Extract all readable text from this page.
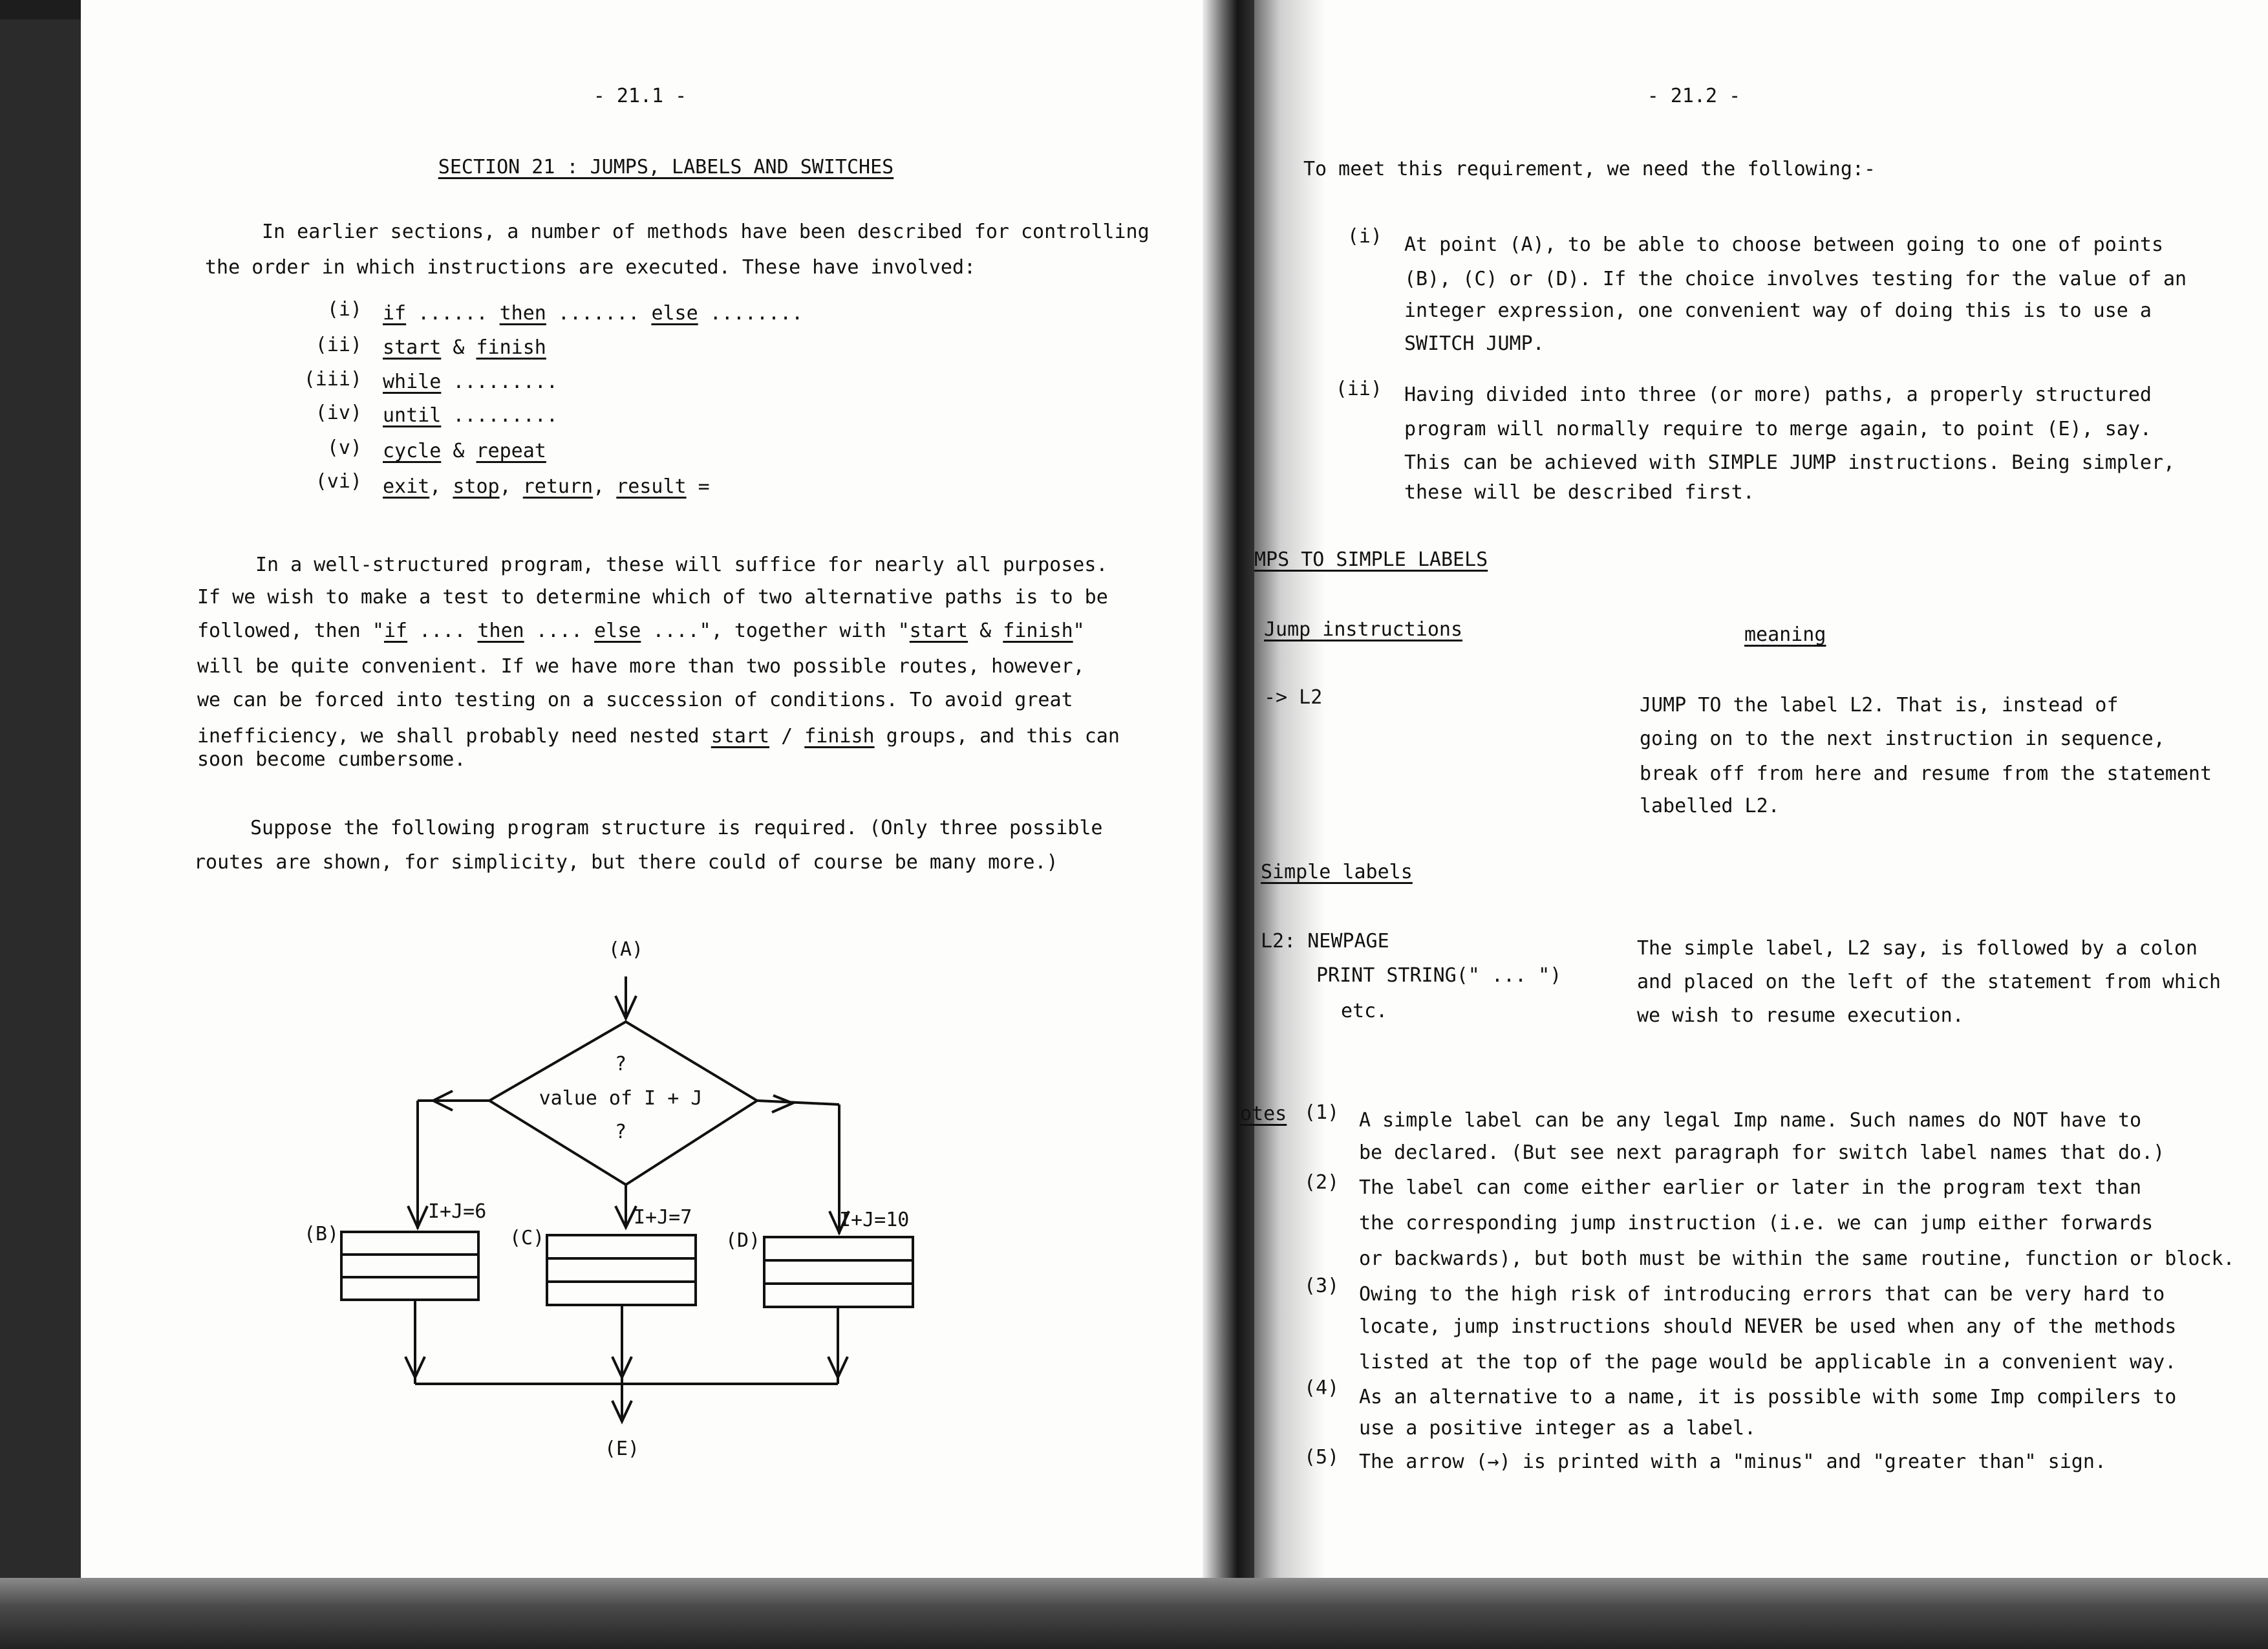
- 21.1 -
SECTION 21 : JUMPS, LABELS AND SWITCHES
In earlier sections, a number of methods have been described for controlling
the order in which instructions are executed. These have involved:
(i) if ...... then ....... else ........
(ii) start & finish
(iii) while .........
(iv) until .........
(v) cycle & repeat
(vi) exit, stop, return, result =
In a well-structured program, these will suffice for nearly all purposes.
If we wish to make a test to determine which of two alternative paths is to be
followed, then "if .... then .... else ....", together with "start & finish"
will be quite convenient. If we have more than two possible routes, however,
we can be forced into testing on a succession of conditions. To avoid great
inefficiency, we shall probably need nested start / finish groups, and this can
soon become cumbersome.
Suppose the following program structure is required. (Only three possible
routes are shown, for simplicity, but there could of course be many more.)
(A)
?
value of I + J
?
I+J=6	I+J=7	I+J=10
(B)	(C)	(D)
(E)
- 21.2 -
To meet this requirement, we need the following:-
(i) At point (A), to be able to choose between going to one of points
(B), (C) or (D). If the choice involves testing for the value of an
integer expression, one convenient way of doing this is to use a
SWITCH JUMP.
(ii) Having divided into three (or more) paths, a properly structured
program will normally require to merge again, to point (E), say.
This can be achieved with SIMPLE JUMP instructions. Being simpler,
these will be described first.
MPS TO SIMPLE LABELS
Jump instructions	meaning
-> L2	JUMP TO the label L2. That is, instead of
going on to the next instruction in sequence,
break off from here and resume from the statement
labelled L2.
Simple labels
L2: NEWPAGE
PRINT STRING(" ... ")
etc.
The simple label, L2 say, is followed by a colon
and placed on the left of the statement from which
we wish to resume execution.
otes (1) A simple label can be any legal Imp name. Such names do NOT have to
be declared. (But see next paragraph for switch label names that do.)
(2) The label can come either earlier or later in the program text than
the corresponding jump instruction (i.e. we can jump either forwards
or backwards), but both must be within the same routine, function or block.
(3) Owing to the high risk of introducing errors that can be very hard to
locate, jump instructions should NEVER be used when any of the methods
listed at the top of the page would be applicable in a convenient way.
(4) As an alternative to a name, it is possible with some Imp compilers to
use a positive integer as a label.
(5) The arrow (→) is printed with a "minus" and "greater than" sign.
